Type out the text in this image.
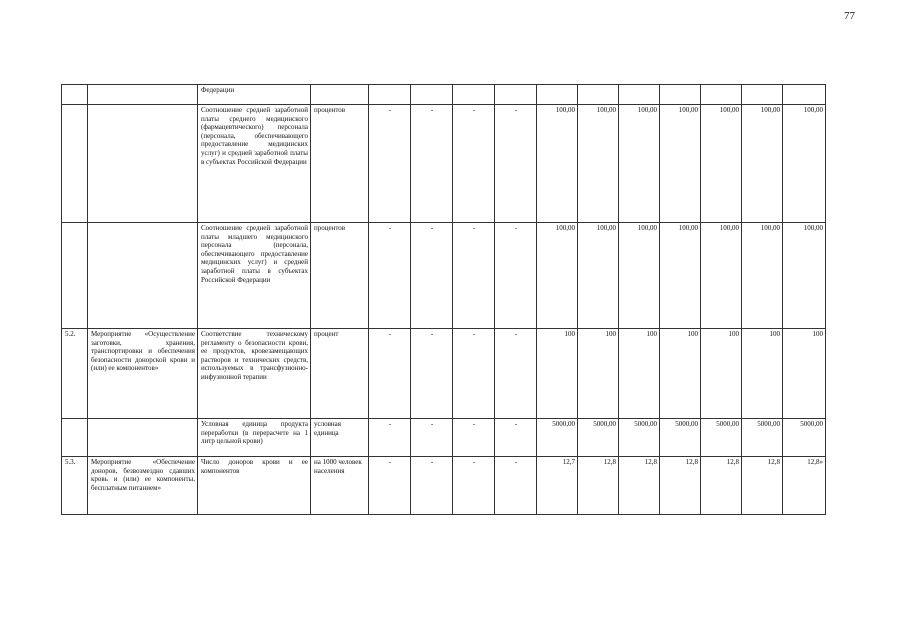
77
		Федерации												
		Соотношение средней заработной платы среднего медицинского (фармацевтического) персонала (персонала, обеспечивающего предоставление медицинских услуг) и средней заработной платы в субъектах Российской Федерации	процентов	-	-	-	-	100,00	100,00	100,00	100,00	100,00	100,00	100,00
		Соотношение средней заработной платы младшего медицинского персонала (персонала, обеспечивающего предоставление медицинских услуг) и средней заработной платы в субъектах Российской Федерации	процентов	-	-	-	-	100,00	100,00	100,00	100,00	100,00	100,00	100,00
5.2.	Мероприятие «Осуществление заготовки, хранения, транспортировки и обеспечения безопасности донорской крови и (или) ее компонентов»	Соответствие техническому регламенту о безопасности крови, ее продуктов, кровезамещающих растворов и технических средств, используемых в трансфузионно-инфузионной терапии	процент	-	-	-	-	100	100	100	100	100	100	100
		Условная единица продукта переработки (в перерасчете на 1 литр цельной крови)	условная единица	-	-	-	-	5000,00	5000,00	5000,00	5000,00	5000,00	5000,00	5000,00
5.3.	Мероприятие «Обеспечение доноров, безвозмездно сдавших кровь и (или) ее компоненты, бесплатным питанием»	Число доноров крови и ее компонентов	на 1000 человек населения	-	-	-	-	12,7	12,8	12,8	12,8	12,8	12,8	12,8»
